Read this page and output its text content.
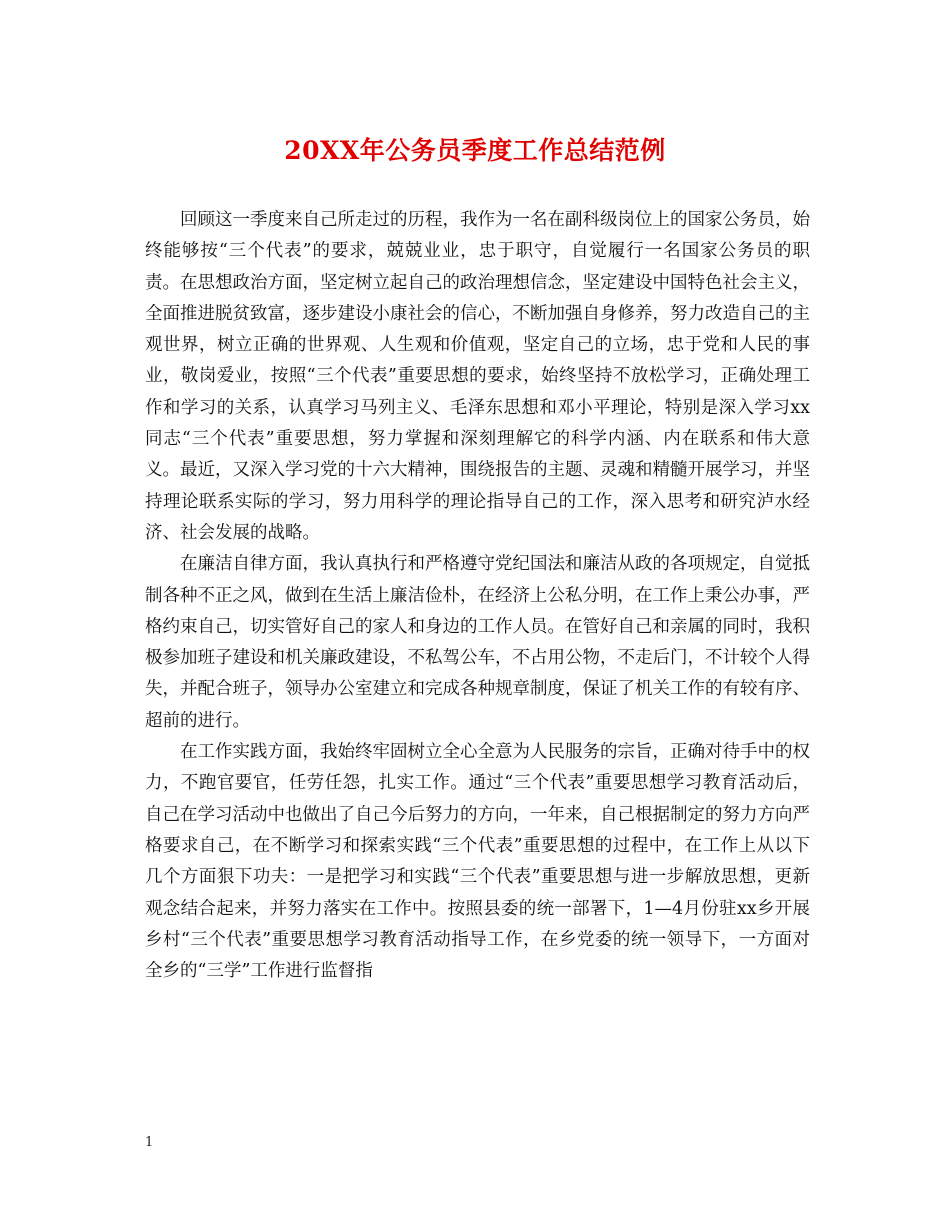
20XX年公务员季度工作总结范例

回顾这一季度来自己所走过的历程，我作为一名在副科级岗位上的国家公务员，始终能够按“三个代表”的要求，兢兢业业，忠于职守，自觉履行一名国家公务员的职责。在思想政治方面，坚定树立起自己的政治理想信念，坚定建设中国特色社会主义，全面推进脱贫致富，逐步建设小康社会的信心，不断加强自身修养，努力改造自己的主观世界，树立正确的世界观、人生观和价值观，坚定自己的立场，忠于党和人民的事业，敬岗爱业，按照“三个代表”重要思想的要求，始终坚持不放松学习，正确处理工作和学习的关系，认真学习马列主义、毛泽东思想和邓小平理论，特别是深入学习xx同志“三个代表”重要思想，努力掌握和深刻理解它的科学内涵、内在联系和伟大意义。最近，又深入学习党的十六大精神，围绕报告的主题、灵魂和精髓开展学习，并坚持理论联系实际的学习，努力用科学的理论指导自己的工作，深入思考和研究泸水经济、社会发展的战略。

在廉洁自律方面，我认真执行和严格遵守党纪国法和廉洁从政的各项规定，自觉抵制各种不正之风，做到在生活上廉洁俭朴，在经济上公私分明，在工作上秉公办事，严格约束自己，切实管好自己的家人和身边的工作人员。在管好自己和亲属的同时，我积极参加班子建设和机关廉政建设，不私驾公车，不占用公物，不走后门，不计较个人得失，并配合班子，领导办公室建立和完成各种规章制度，保证了机关工作的有较有序、超前的进行。

在工作实践方面，我始终牢固树立全心全意为人民服务的宗旨，正确对待手中的权力，不跑官要官，任劳任怨，扎实工作。通过“三个代表”重要思想学习教育活动后，自己在学习活动中也做出了自己今后努力的方向，一年来，自己根据制定的努力方向严格要求自己，在不断学习和探索实践“三个代表”重要思想的过程中，在工作上从以下几个方面狠下功夫：一是把学习和实践“三个代表”重要思想与进一步解放思想，更新观念结合起来，并努力落实在工作中。按照县委的统一部署下，1—4月份驻xx乡开展乡村“三个代表”重要思想学习教育活动指导工作，在乡党委的统一领导下，一方面对全乡的“三学”工作进行监督指

1
